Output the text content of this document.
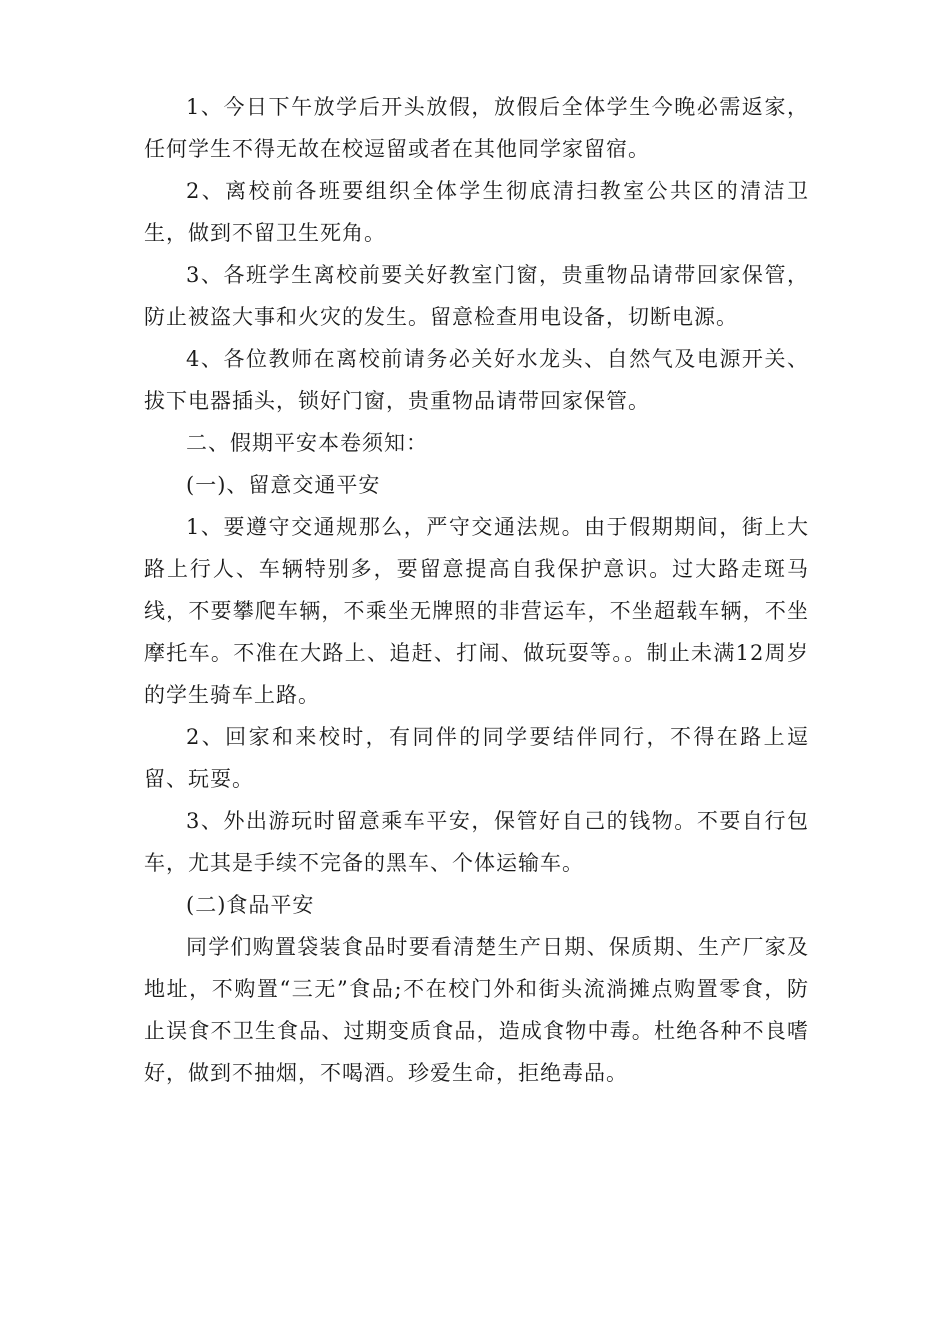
1、今日下午放学后开头放假，放假后全体学生今晚必需返家，任何学生不得无故在校逗留或者在其他同学家留宿。

2、离校前各班要组织全体学生彻底清扫教室公共区的清洁卫生，做到不留卫生死角。

3、各班学生离校前要关好教室门窗，贵重物品请带回家保管，防止被盗大事和火灾的发生。留意检查用电设备，切断电源。

4、各位教师在离校前请务必关好水龙头、自然气及电源开关、拔下电器插头，锁好门窗，贵重物品请带回家保管。

二、假期平安本卷须知：

(一)、留意交通平安

1、要遵守交通规那么，严守交通法规。由于假期期间，街上大路上行人、车辆特别多，要留意提高自我保护意识。过大路走斑马线，不要攀爬车辆，不乘坐无牌照的非营运车，不坐超载车辆，不坐摩托车。不准在大路上、追赶、打闹、做玩耍等。。制止未满12周岁的学生骑车上路。

2、回家和来校时，有同伴的同学要结伴同行，不得在路上逗留、玩耍。

3、外出游玩时留意乘车平安，保管好自己的钱物。不要自行包车，尤其是手续不完备的黑车、个体运输车。

(二)食品平安

同学们购置袋装食品时要看清楚生产日期、保质期、生产厂家及地址，不购置“三无”食品;不在校门外和街头流淌摊点购置零食，防止误食不卫生食品、过期变质食品，造成食物中毒。杜绝各种不良嗜好，做到不抽烟，不喝酒。珍爱生命，拒绝毒品。
